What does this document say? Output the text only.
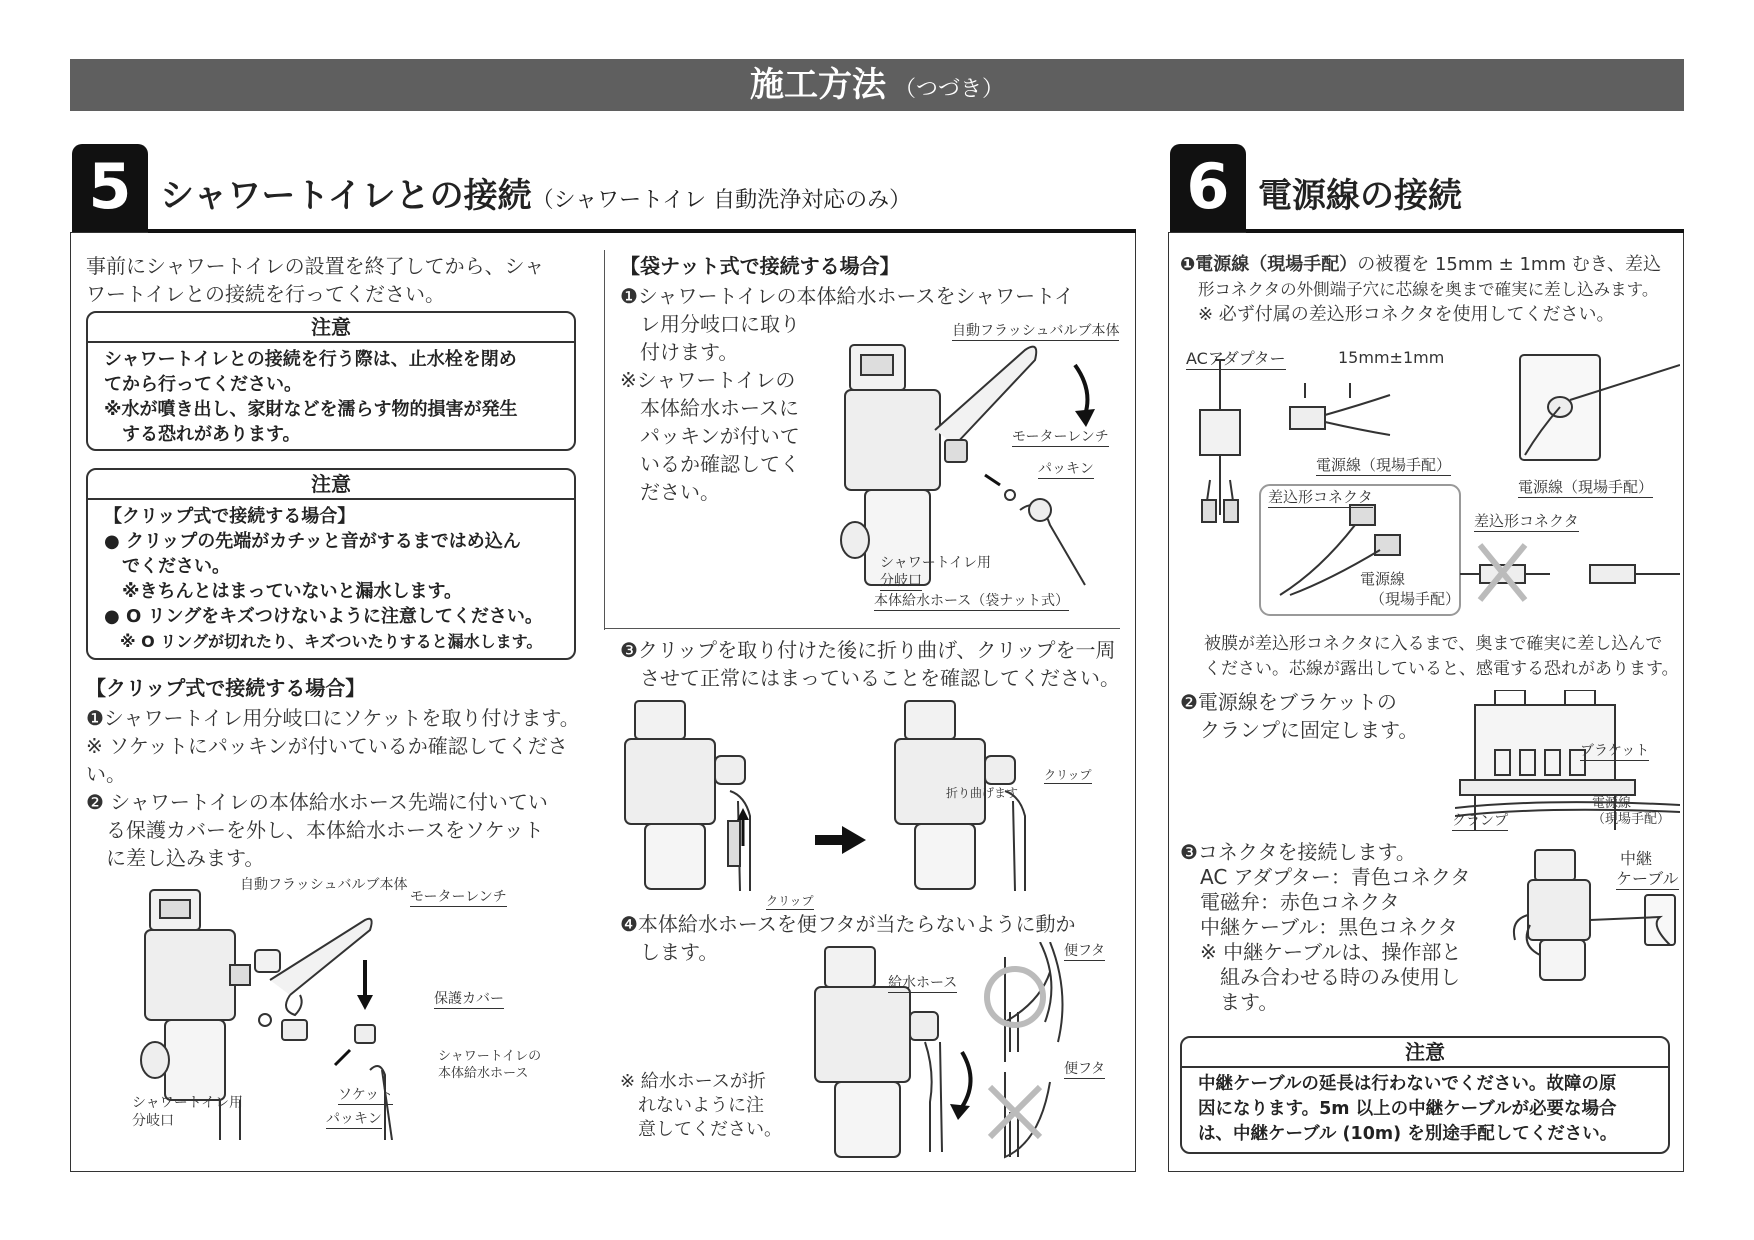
施工方法 （つづき）
5 シャワートイレとの接続（シャワートイレ 自動洗浄対応のみ）
事前にシャワートイレの設置を終了してから、シャ
ワートイレとの接続を行ってください。
注意
シャワートイレとの接続を行う際は、止水栓を閉め
てから行ってください。
※水が噴き出し、家財などを濡らす物的損害が発生
　する恐れがあります。
注意
【クリップ式で接続する場合】
● クリップの先端がカチッと音がするまではめ込ん
　でください。
　※きちんとはまっていないと漏水します。
● O リングをキズつけないように注意してください。
　※ O リングが切れたり、キズついたりすると漏水します。
【クリップ式で接続する場合】
❶シャワートイレ用分岐口にソケットを取り付けます。
※ ソケットにパッキンが付いているか確認してください。
❷ シャワートイレの本体給水ホース先端に付いてい
　る保護カバーを外し、本体給水ホースをソケット
　に差し込みます。
自動フラッシュバルブ本体
モーターレンチ
保護カバー
シャワートイレの
本体給水ホース
ソケット
パッキン
シャワートイレ用
分岐口
【袋ナット式で接続する場合】
❶シャワートイレの本体給水ホースをシャワートイ
　レ用分岐口に取り
　付けます。
※シャワートイレの
　本体給水ホースに
　パッキンが付いて
　いるか確認してく
　ださい。
自動フラッシュバルブ本体
モーターレンチ
パッキン
シャワートイレ用
分岐口
本体給水ホース（袋ナット式）
❸クリップを取り付けた後に折り曲げ、クリップを一周
　させて正常にはまっていることを確認してください。
クリップ
クリップ
折り曲げます
❹本体給水ホースを便フタが当たらないように動か
　します。
※ 給水ホースが折
　れないように注
　意してください。
給水ホース
便フタ
便フタ
6 電源線の接続
❶電源線（現場手配）の被覆を 15mm ± 1mm むき、差込
形コネクタの外側端子穴に芯線を奥まで確実に差し込みます。
※ 必ず付属の差込形コネクタを使用してください。
ACアダプター	15mm±1mm
電源線（現場手配）
電源線（現場手配）
差込形コネクタ
差込形コネクタ
電源線
（現場手配）
被膜が差込形コネクタに入るまで、奥まで確実に差し込んで
ください。芯線が露出していると、感電する恐れがあります。
❷電源線をブラケットの
　クランプに固定します。
ブラケット
電源線
（現場手配）
クランプ
❸コネクタを接続します。
　AC アダプター：青色コネクタ
　電磁弁：赤色コネクタ
　中継ケーブル：黒色コネクタ
　※ 中継ケーブルは、操作部と
　　組み合わせる時のみ使用し
　　ます。
中継
ケーブル
注意
中継ケーブルの延長は行わないでください。故障の原
因になります。5m 以上の中継ケーブルが必要な場合
は、中継ケーブル (10m) を別途手配してください。
